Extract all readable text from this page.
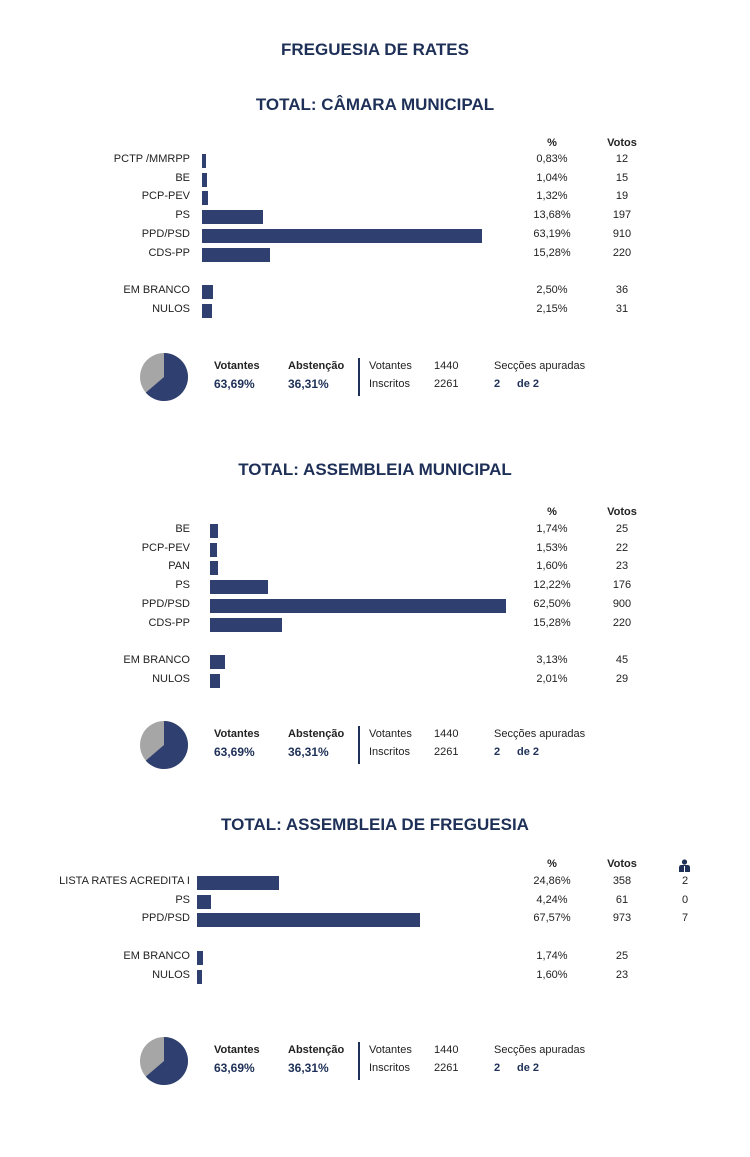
FREGUESIA DE RATES
TOTAL: CÂMARA MUNICIPAL
%	Votos
PCTP /MMRPP	0,83%	12
BE	1,04%	15
PCP-PEV	1,32%	19
PS	13,68%	197
PPD/PSD	63,19%	910
CDS-PP	15,28%	220
EM BRANCO	2,50%	36
NULOS	2,15%	31
Votantes	Abstenção
63,69%	36,31%
Votantes 1440
Inscritos 2261
Secções apuradas
2 de 2
TOTAL: ASSEMBLEIA MUNICIPAL
%	Votos
BE	1,74%	25
PCP-PEV	1,53%	22
PAN	1,60%	23
PS	12,22%	176
PPD/PSD	62,50%	900
CDS-PP	15,28%	220
EM BRANCO	3,13%	45
NULOS	2,01%	29
Votantes	Abstenção
63,69%	36,31%
Votantes 1440
Inscritos 2261
Secções apuradas
2 de 2
TOTAL: ASSEMBLEIA DE FREGUESIA
%	Votos
LISTA RATES ACREDITA I	24,86%	358	2
PS	4,24%	61	0
PPD/PSD	67,57%	973	7
EM BRANCO	1,74%	25
NULOS	1,60%	23
Votantes	Abstenção
63,69%	36,31%
Votantes 1440
Inscritos 2261
Secções apuradas
2 de 2
